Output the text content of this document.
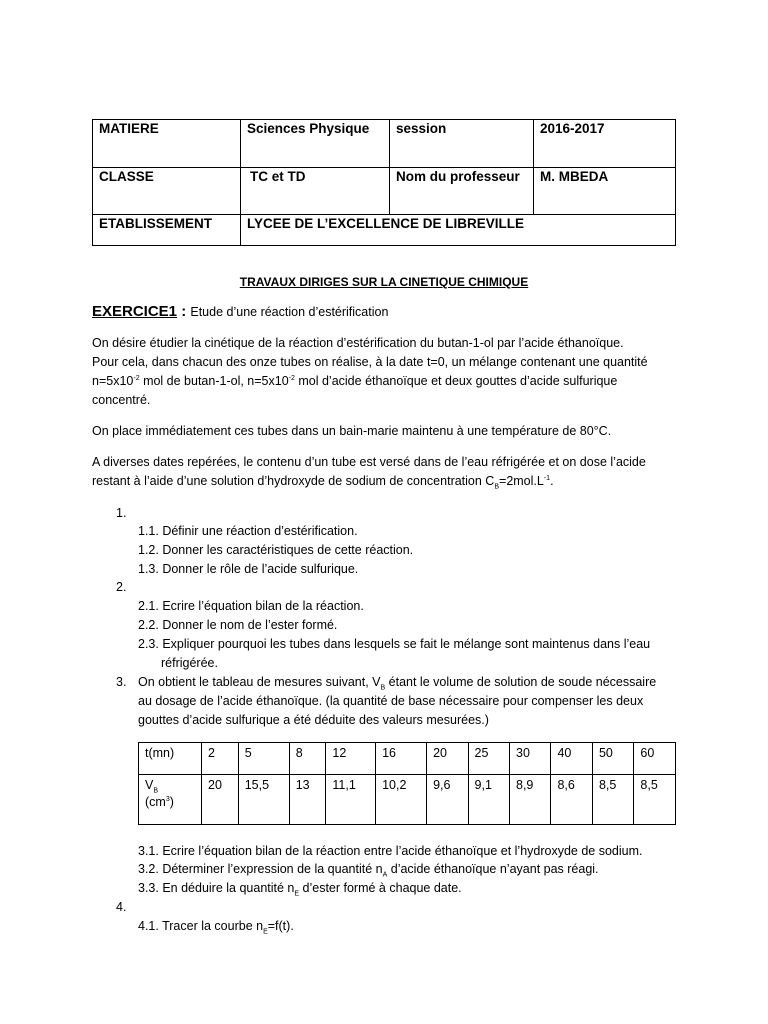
MATIERE	Sciences Physique	session	2016-2017
CLASSE	TC et TD	Nom du professeur	M. MBEDA
ETABLISSEMENT	LYCEE DE L’EXCELLENCE DE LIBREVILLE		
TRAVAUX DIRIGES SUR LA CINETIQUE CHIMIQUE
EXERCICE1 : Etude d’une réaction d’estérification
On désire étudier la cinétique de la réaction d’estérification du butan-1-ol par l’acide éthanoïque.
Pour cela, dans chacun des onze tubes on réalise, à la date t=0, un mélange contenant une quantité
$n=5x10^{-2}$ mol de butan-1-ol, $n=5x10^{-2}$ mol d’acide éthanoïque et deux gouttes d’acide sulfurique
concentré.
On place immédiatement ces tubes dans un bain-marie maintenu à une température de 80°C.
A diverses dates repérées, le contenu d’un tube est versé dans de l’eau réfrigérée et on dose l’acide
restant à l’aide d’une solution d’hydroxyde de sodium de concentration $C_B=2mol.L^{-1}$.
1.
1.1. Définir une réaction d’estérification.
1.2. Donner les caractéristiques de cette réaction.
1.3. Donner le rôle de l’acide sulfurique.
2.
2.1. Ecrire l’équation bilan de la réaction.
2.2. Donner le nom de l’ester formé.
2.3. Expliquer pourquoi les tubes dans lesquels se fait le mélange sont maintenus dans l’eau
réfrigérée.
3. On obtient le tableau de mesures suivant, $V_B$ étant le volume de solution de soude nécessaire
au dosage de l’acide éthanoïque. (la quantité de base nécessaire pour compenser les deux
gouttes d’acide sulfurique a été déduite des valeurs mesurées.)
t(mn)	2	5	8	12	16	20	25	30	40	50	60
$V_B$
$(cm^3)$	20	15,5	13	11,1	10,2	9,6	9,1	8,9	8,6	8,5	8,5
3.1. Ecrire l’équation bilan de la réaction entre l’acide éthanoïque et l’hydroxyde de sodium.
3.2. Déterminer l’expression de la quantité $n_A$ d’acide éthanoïque n’ayant pas réagi.
3.3. En déduire la quantité $n_E$ d’ester formé à chaque date.
4.
4.1. Tracer la courbe $n_E=f(t)$.
